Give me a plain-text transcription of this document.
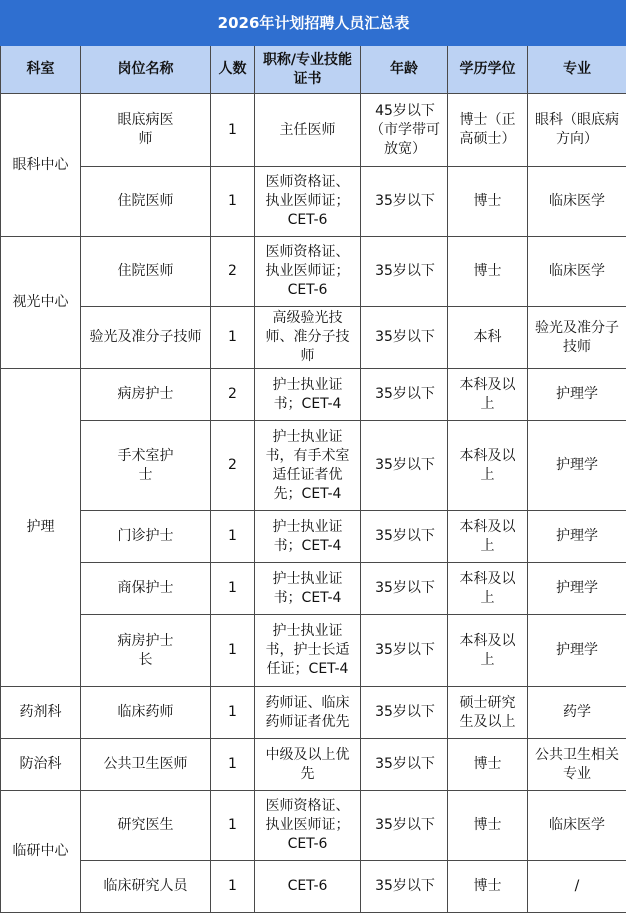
2026年计划招聘人员汇总表						
科室	岗位名称	人数	职称/专业技能证书	年龄	学历学位	专业
眼科中心	眼底病医师	1	主任医师	45岁以下（市学带可放宽）	博士（正高硕士）	眼科（眼底病方向）

	住院医师	1	医师资格证、执业医师证；CET-6	35岁以下	博士	临床医学

视光中心	住院医师	2	医师资格证、执业医师证；CET-6	35岁以下	博士	临床医学

	验光及准分子技师	1	高级验光技师、准分子技师	35岁以下	本科	验光及准分子技师

护理	病房护士	2	护士执业证书；CET-4	35岁以下	本科及以上	护理学

	手术室护士	2	护士执业证书，有手术室适任证者优先；CET-4	35岁以下	本科及以上	护理学

	门诊护士	1	护士执业证书；CET-4	35岁以下	本科及以上	护理学

	商保护士	1	护士执业证书；CET-4	35岁以下	本科及以上	护理学

	病房护士长	1	护士执业证书，护士长适任证；CET-4	35岁以下	本科及以上	护理学

药剂科	临床药师	1	药师证、临床药师证者优先	35岁以下	硕士研究生及以上	药学

防治科	公共卫生医师	1	中级及以上优先	35岁以下	博士	公共卫生相关专业

临研中心	研究医生	1	医师资格证、执业医师证；CET-6	35岁以下	博士	临床医学

	临床研究人员	1	CET-6	35岁以下	博士	/
